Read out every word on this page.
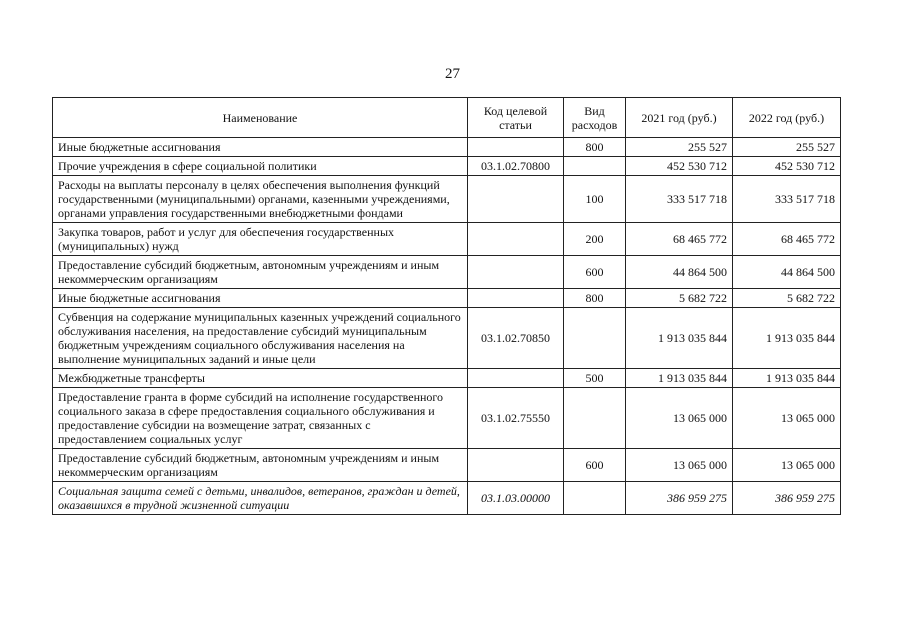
27
Наименование	Код целевой статьи	Вид расходов	2021 год (руб.)	2022 год (руб.)
Иные бюджетные ассигнования		800	255 527	255 527
Прочие учреждения в сфере социальной политики	03.1.02.70800		452 530 712	452 530 712
Расходы на выплаты персоналу в целях обеспечения выполнения функций государственными (муниципальными) органами, казенными учреждениями, органами управления государственными внебюджетными фондами		100	333 517 718	333 517 718
Закупка товаров, работ и услуг для обеспечения государственных (муниципальных) нужд		200	68 465 772	68 465 772
Предоставление субсидий бюджетным, автономным учреждениям и иным некоммерческим организациям		600	44 864 500	44 864 500
Иные бюджетные ассигнования		800	5 682 722	5 682 722
Субвенция на содержание муниципальных казенных учреждений социального обслуживания населения, на предоставление субсидий муниципальным бюджетным учреждениям социального обслуживания населения на выполнение муниципальных заданий и иные цели	03.1.02.70850		1 913 035 844	1 913 035 844
Межбюджетные трансферты		500	1 913 035 844	1 913 035 844
Предоставление гранта в форме субсидий на исполнение государственного социального заказа в сфере предоставления социального обслуживания и предоставление субсидии на возмещение затрат, связанных с предоставлением социальных услуг	03.1.02.75550		13 065 000	13 065 000
Предоставление субсидий бюджетным, автономным учреждениям и иным некоммерческим организациям		600	13 065 000	13 065 000
Социальная защита семей с детьми, инвалидов, ветеранов, граждан и детей, оказавшихся в трудной жизненной ситуации	03.1.03.00000		386 959 275	386 959 275
